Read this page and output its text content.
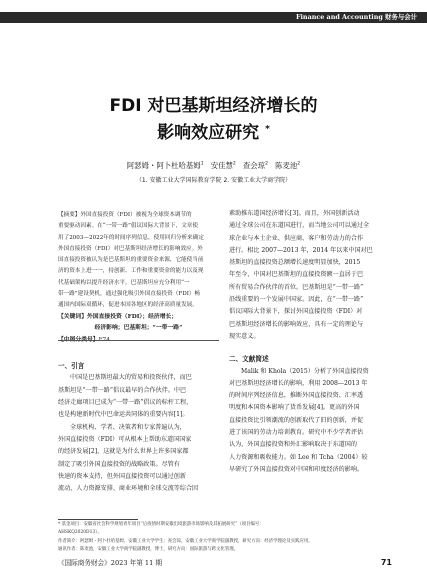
Finance and Accounting 财务与会计
FDI 对巴基斯坦经济增长的
影响效应研究 *
阿瑟姆・阿卜杜哈基姆$^1$ 安佳慧$^2$ 查会琼$^2$ 陈麦池$^2$
（1. 安徽工业大学国际教育学院 2. 安徽工业大学商学院）

【摘要】外国直接投资（FDI）被视为全球资本调节的

重要驱动因素。在“一带一路”倡议国际大背景下，文章使

用了2003—2022年的时间序列信息，使用回归分析来确定

外国直接投资（FDI）对巴基斯坦经济增长的影响效应。外

国直接投资被认为是巴基斯坦的重要资金来源，它能使当前

济的资本上进一一，持创新、工作和重要资金的能力以及现

代基础架构以提升经济水平。巴基斯坦应充分利用“一

带一路”建设契机，通过强化吸引外国直接投资（FDI）畅

通国内国际双循环，促进本国各地区的经济高质量发展。

【关键词】外国直接投资（FDI）；经济增长；

经济影响；巴基斯坦；“一带一路”

【中图分类号】F74

一、引言

中国是巴基斯坦最大的贸易和投资伙伴，而巴

基斯坦是“一带一路”倡议最早的合作伙伴。中巴

经济走廊项目已成为“一带一路”倡议的标杆工程，

也是构建新时代中巴命运共同体的重要内容[1]。

全球机构、学者、决策者和专家普遍认为，

外国直接投资（FDI）可从根本上帮助东道国国家

的经济发展[2]，这就是为什么世界上许多国家都

制定了吸引外国直接投资的战略政策。尽管有

快速的资本支持，但外国直接投资可以通过创新

流动、人力资源安排、商业环境和全球交流等综合因

素助推东道国经济增长[3]。而且，外国创新活动

通过全球公司在东道国进行，而当地公司可以通过全

球企业与本土企业、供应商、客户和劳动力的合作

进行。相比 2007—2013 年，2014 年以来中国对巴

基斯坦的直接投资总额增长速度明显加快，2015

年至今，中国对巴基斯坦的直接投资额一直居于巴

所有贸易合作伙伴的首位。巴基斯坦是“一带一路”

沿线重要的一个发展中国家。因此，在“一带一路”

倡议国际大背景下，探讨外国直接投资（FDI）对

巴基斯坦经济增长的影响效应，具有一定的理论与

现实意义。

二、文献简述

Malik 和 Khola（2015）分析了外国直接投资

对巴基斯坦经济增长的影响，利用 2008—2013 年

的时间序列经济信息，推断外国直接投资、汇率透

明度和本国资本影响了货币发展[4]。更高的外国

直接投资比引领潮流的创新取代了旧的创新，并促

进了该国的劳动力培训教育。研究中不少学者评估

认为，外国直接投资和外汇影响取决于东道国的

人力资源和吸收能力。如 Lee 和 Tcha（2004）较

早研究了外国直接投资对中国和印度经济的影响。

* 基金项目：安徽省社会科学规划青年项目“后疫情时期安徽出境旅游市场影响及其拓展研究”（项目编号：

AHSKQ2020D13）。

作者简介：阿瑟姆・阿卜杜哈基姆，安徽工业大学学生；查会琼，安徽工业大学商学院副教授，研究方向：经济学理论及实践应用。

通讯作者：陈麦池，安徽工业大学商学院副教授，博士，研究方向：国际旅游与跨文化管理。

《国际商务财会》2023 年第 11 期	71
